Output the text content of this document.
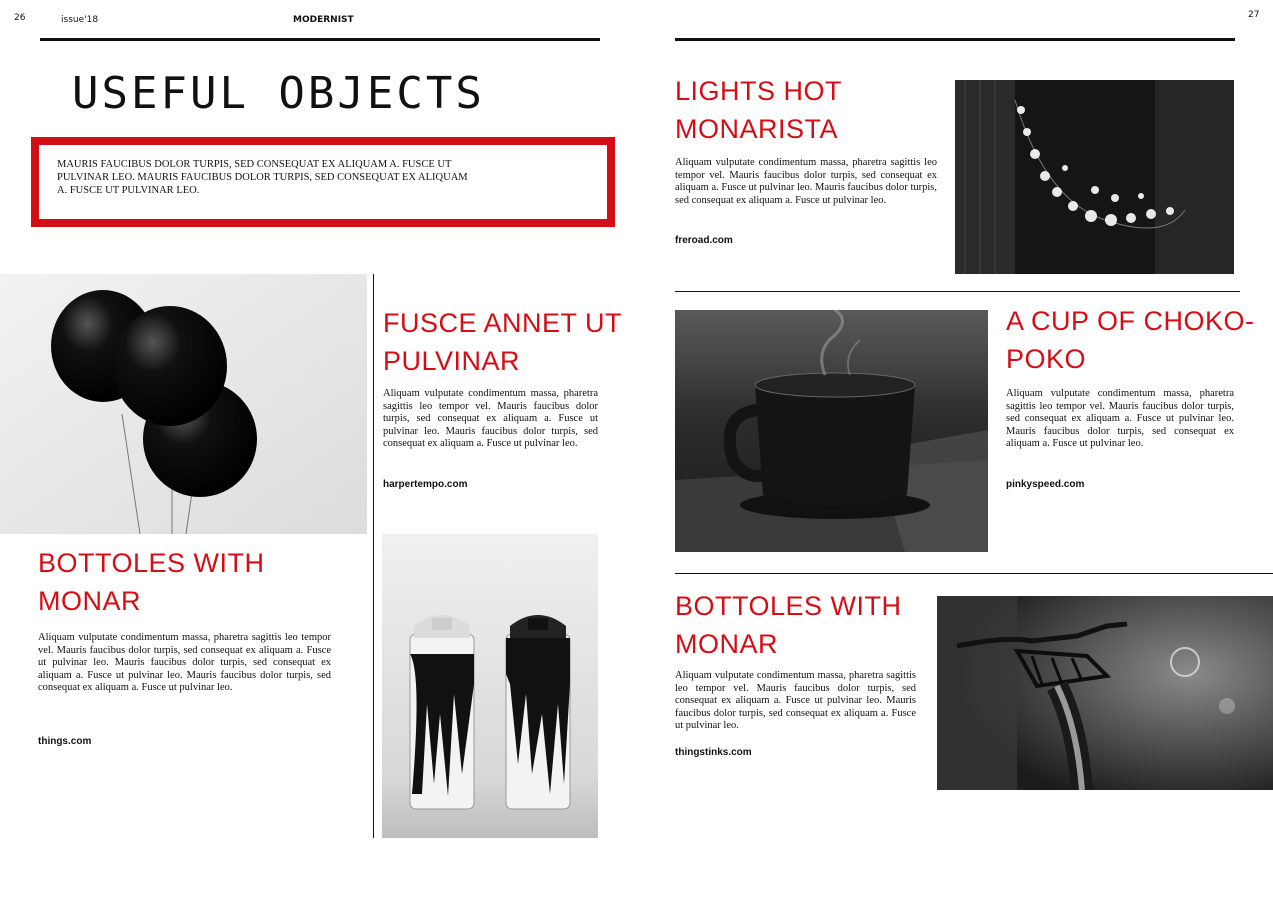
26	issue'18	MODERNIST	27
USEFUL OBJECTS

MAURIS FAUCIBUS DOLOR TURPIS, SED CONSEQUAT EX ALIQUAM A. FUSCE UT PULVINAR LEO. MAURIS FAUCIBUS DOLOR TURPIS, SED CONSEQUAT EX ALIQUAM A. FUSCE UT PULVINAR LEO.

FUSCE ANNET UT
PULVINAR

Aliquam vulputate condimentum massa, pharetra sagittis leo tempor vel. Mauris faucibus dolor turpis, sed consequat ex aliquam a. Fusce ut pulvinar leo. Mauris faucibus dolor turpis, sed consequat ex aliquam a. Fusce ut pulvinar leo.

harpertempo.com

BOTTOLES WITH
MONAR

Aliquam vulputate condimentum massa, pharetra sagittis leo tempor vel. Mauris faucibus dolor turpis, sed consequat ex aliquam a. Fusce ut pulvinar leo. Mauris faucibus dolor turpis, sed consequat ex aliquam a. Fusce ut pulvinar leo. Mauris faucibus dolor turpis, sed consequat ex aliquam a. Fusce ut pulvinar leo.

things.com

LIGHTS HOT
MONARISTA

Aliquam vulputate condimentum massa, pharetra sagittis leo tempor vel. Mauris faucibus dolor turpis, sed consequat ex aliquam a. Fusce ut pulvinar leo. Mauris faucibus dolor turpis, sed consequat ex aliquam a. Fusce ut pulvinar leo.

freroad.com

A CUP OF CHOKO-
POKO

Aliquam vulputate condimentum massa, pharetra sagittis leo tempor vel. Mauris faucibus dolor turpis, sed consequat ex aliquam a. Fusce ut pulvinar leo. Mauris faucibus dolor turpis, sed consequat ex aliquam a. Fusce ut pulvinar leo.

pinkyspeed.com

BOTTOLES WITH
MONAR

Aliquam vulputate condimentum massa, pharetra sagittis leo tempor vel. Mauris faucibus dolor turpis, sed consequat ex aliquam a. Fusce ut pulvinar leo. Mauris faucibus dolor turpis, sed consequat ex aliquam a. Fusce ut pulvinar leo.

thingstinks.com
